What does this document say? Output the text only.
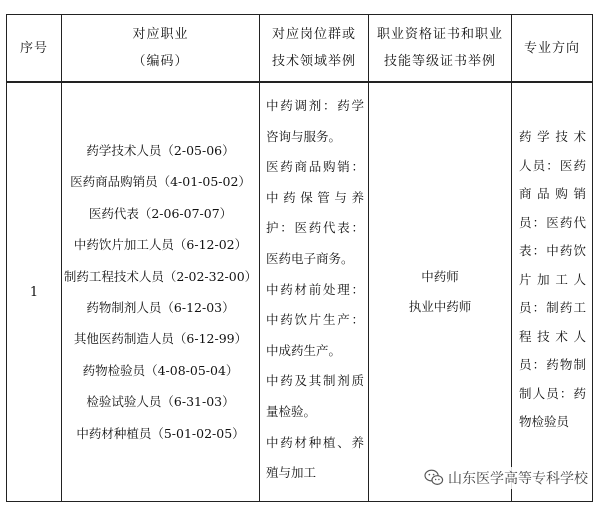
序号
对应职业
（编码）
对应岗位群或
技术领域举例
职业资格证书和职业
技能等级证书举例
专业方向
1
药学技术人员（2-05-06）
医药商品购销员（4-01-05-02）
医药代表（2-06-07-07）
中药饮片加工人员（6-12-02）
制药工程技术人员（2-02-32-00）
药物制剂人员（6-12-03）
其他医药制造人员（6-12-99）
药物检验员（4-08-05-04）
检验试验人员（6-31-03）
中药材种植员（5-01-02-05）
中药调剂：药学
咨询与服务。
医药商品购销：
中药保管与养
护：医药代表：
医药电子商务。
中药材前处理：
中药饮片生产：
中成药生产。
中药及其制剂质
量检验。
中药材种植、养
殖与加工
中药师
执业中药师
药学技术
人员：医药
商品购销
员：医药代
表：中药饮
片加工人
员：制药工
程技术人
员：药物制
制人员：药
物检验员
山东医学高等专科学校
